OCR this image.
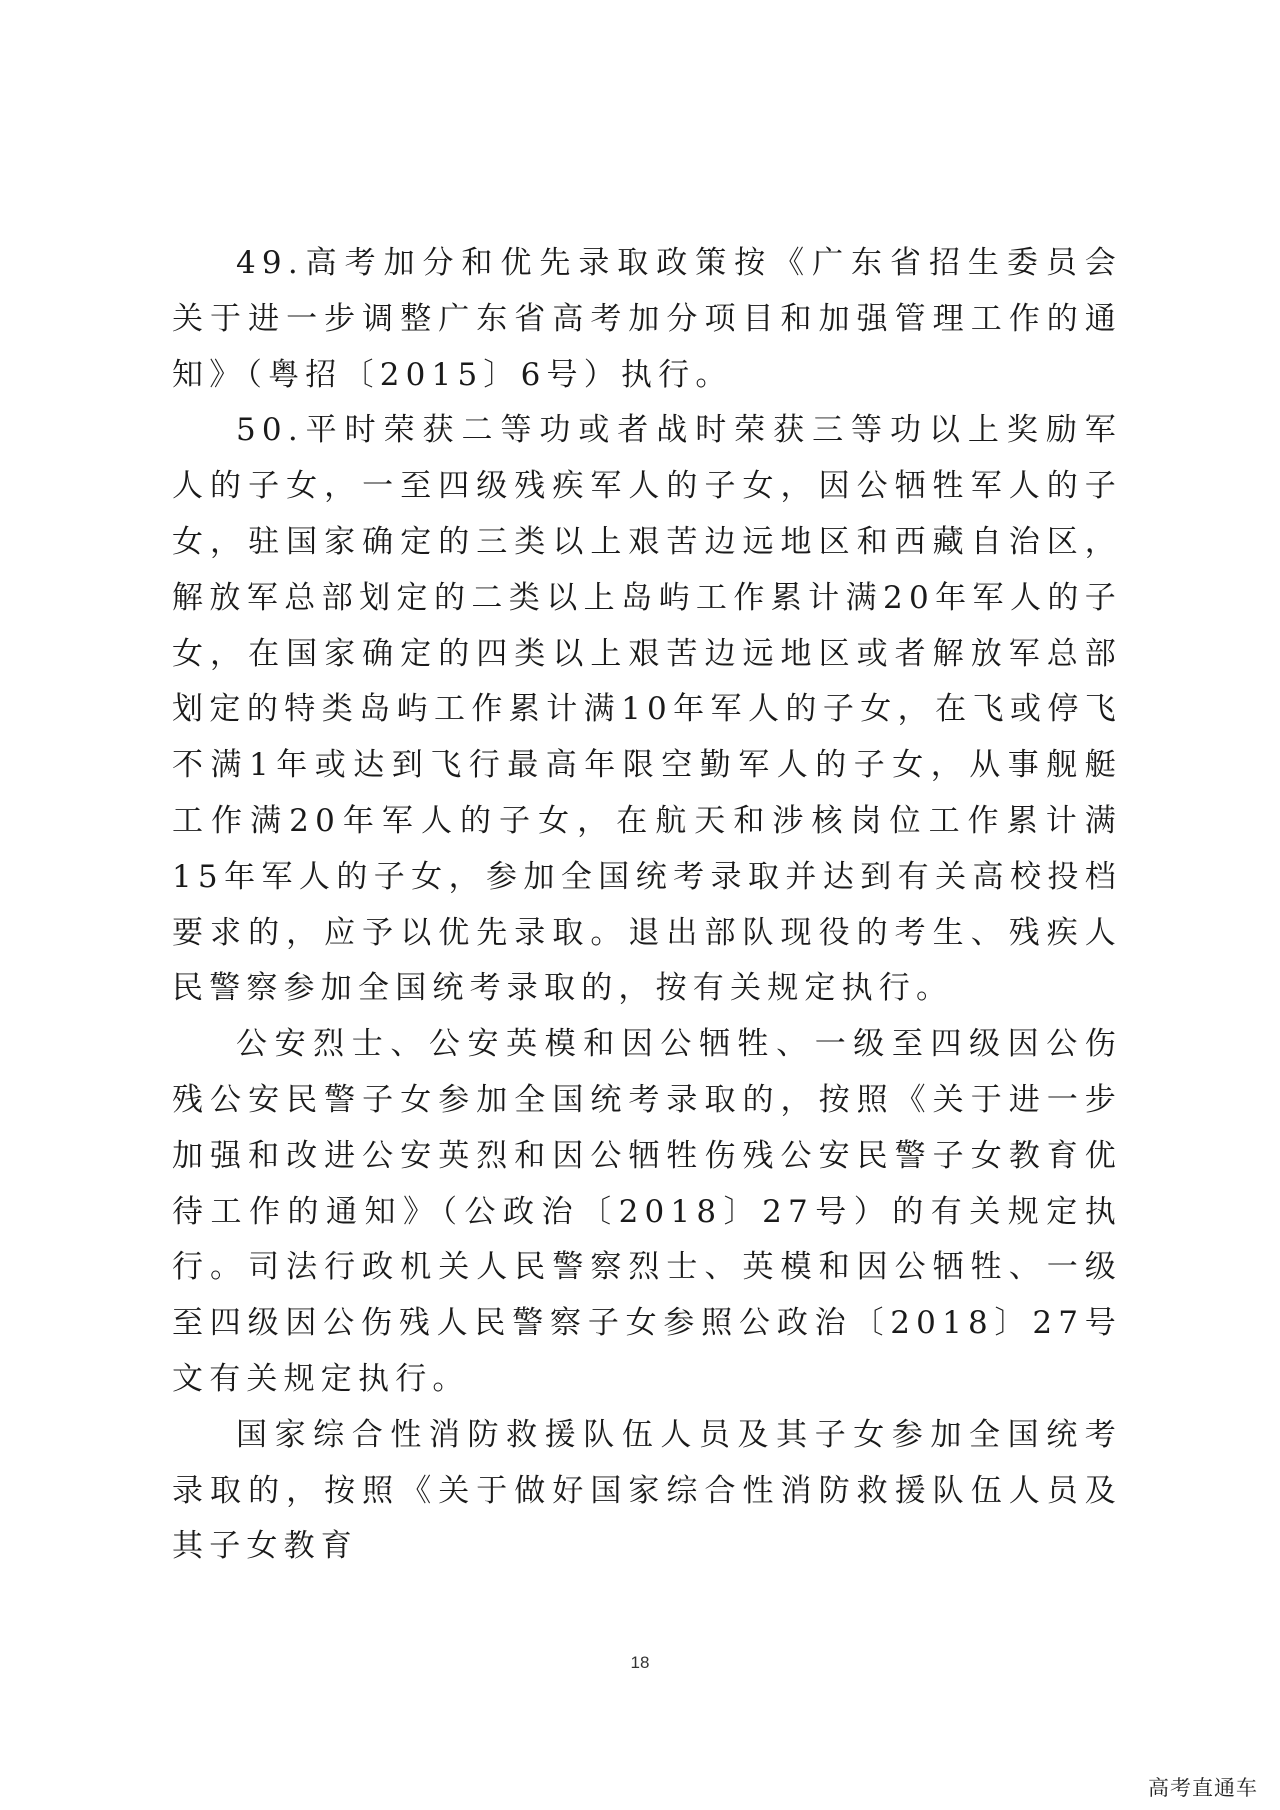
49.高考加分和优先录取政策按《广东省招生委员会关于进一步调整广东省高考加分项目和加强管理工作的通知》（粤招〔2015〕6号）执行。

50.平时荣获二等功或者战时荣获三等功以上奖励军人的子女，一至四级残疾军人的子女，因公牺牲军人的子女，驻国家确定的三类以上艰苦边远地区和西藏自治区，解放军总部划定的二类以上岛屿工作累计满20年军人的子女，在国家确定的四类以上艰苦边远地区或者解放军总部划定的特类岛屿工作累计满10年军人的子女，在飞或停飞不满1年或达到飞行最高年限空勤军人的子女，从事舰艇工作满20年军人的子女，在航天和涉核岗位工作累计满15年军人的子女，参加全国统考录取并达到有关高校投档要求的，应予以优先录取。退出部队现役的考生、残疾人民警察参加全国统考录取的，按有关规定执行。

公安烈士、公安英模和因公牺牲、一级至四级因公伤残公安民警子女参加全国统考录取的，按照《关于进一步加强和改进公安英烈和因公牺牲伤残公安民警子女教育优待工作的通知》（公政治〔2018〕27号）的有关规定执行。司法行政机关人民警察烈士、英模和因公牺牲、一级至四级因公伤残人民警察子女参照公政治〔2018〕27号文有关规定执行。

国家综合性消防救援队伍人员及其子女参加全国统考录取的，按照《关于做好国家综合性消防救援队伍人员及其子女教育

18
高考直通车
